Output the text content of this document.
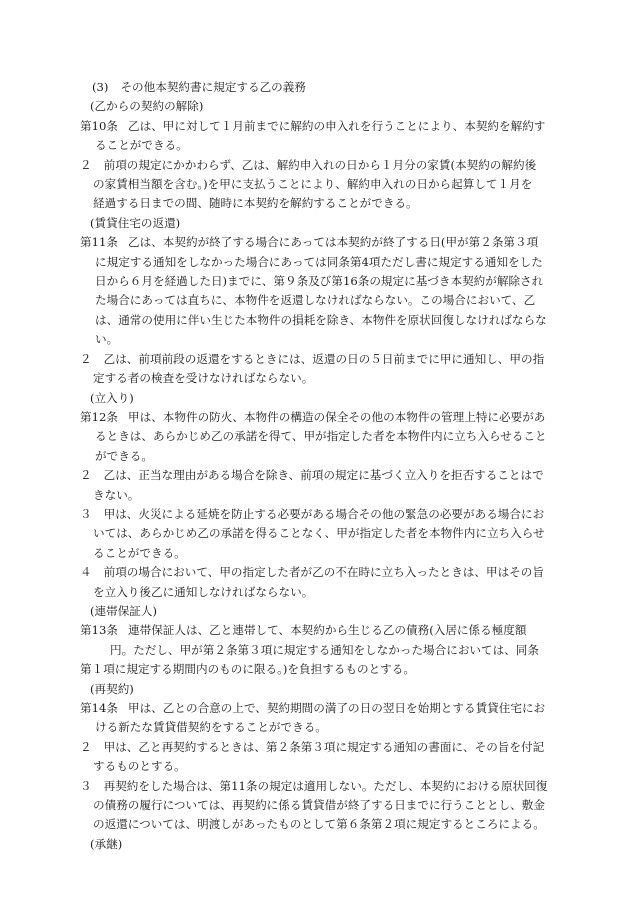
(3) その他本契約書に規定する乙の義務
(乙からの契約の解除)
第10条 乙は、甲に対して１月前までに解約の申入れを行うことにより、本契約を解約す
ることができる。
２ 前項の規定にかかわらず、乙は、解約申入れの日から１月分の家賃(本契約の解約後
の家賃相当額を含む。)を甲に支払うことにより、解約申入れの日から起算して１月を
経過する日までの間、随時に本契約を解約することができる。
(賃貸住宅の返還)
第11条 乙は、本契約が終了する場合にあっては本契約が終了する日(甲が第２条第３項
に規定する通知をしなかった場合にあっては同条第4項ただし書に規定する通知をした
日から６月を経過した日)までに、第９条及び第16条の規定に基づき本契約が解除され
た場合にあっては直ちに、本物件を返還しなければならない。この場合において、乙
は、通常の使用に伴い生じた本物件の損耗を除き、本物件を原状回復しなければならな
い。
２ 乙は、前項前段の返還をするときには、返還の日の５日前までに甲に通知し、甲の指
定する者の検査を受けなければならない。
(立入り)
第12条 甲は、本物件の防火、本物件の構造の保全その他の本物件の管理上特に必要があ
るときは、あらかじめ乙の承諾を得て、甲が指定した者を本物件内に立ち入らせること
ができる。
２ 乙は、正当な理由がある場合を除き、前項の規定に基づく立入りを拒否することはで
きない。
３ 甲は、火災による延焼を防止する必要がある場合その他の緊急の必要がある場合にお
いては、あらかじめ乙の承諾を得ることなく、甲が指定した者を本物件内に立ち入らせ
ることができる。
４ 前項の場合において、甲の指定した者が乙の不在時に立ち入ったときは、甲はその旨
を立入り後乙に通知しなければならない。
(連帯保証人)
第13条 連帯保証人は、乙と連帯して、本契約から生じる乙の債務(入居に係る極度額
円。ただし、甲が第２条第３項に規定する通知をしなかった場合においては、同条
第１項に規定する期間内のものに限る。)を負担するものとする。
(再契約)
第14条 甲は、乙との合意の上で、契約期間の満了の日の翌日を始期とする賃貸住宅にお
ける新たな賃貸借契約をすることができる。
２ 甲は、乙と再契約するときは、第２条第３項に規定する通知の書面に、その旨を付記
するものとする。
３ 再契約をした場合は、第11条の規定は適用しない。ただし、本契約における原状回復
の債務の履行については、再契約に係る賃貸借が終了する日までに行うこととし、敷金
の返還については、明渡しがあったものとして第６条第２項に規定するところによる。
(承継)
